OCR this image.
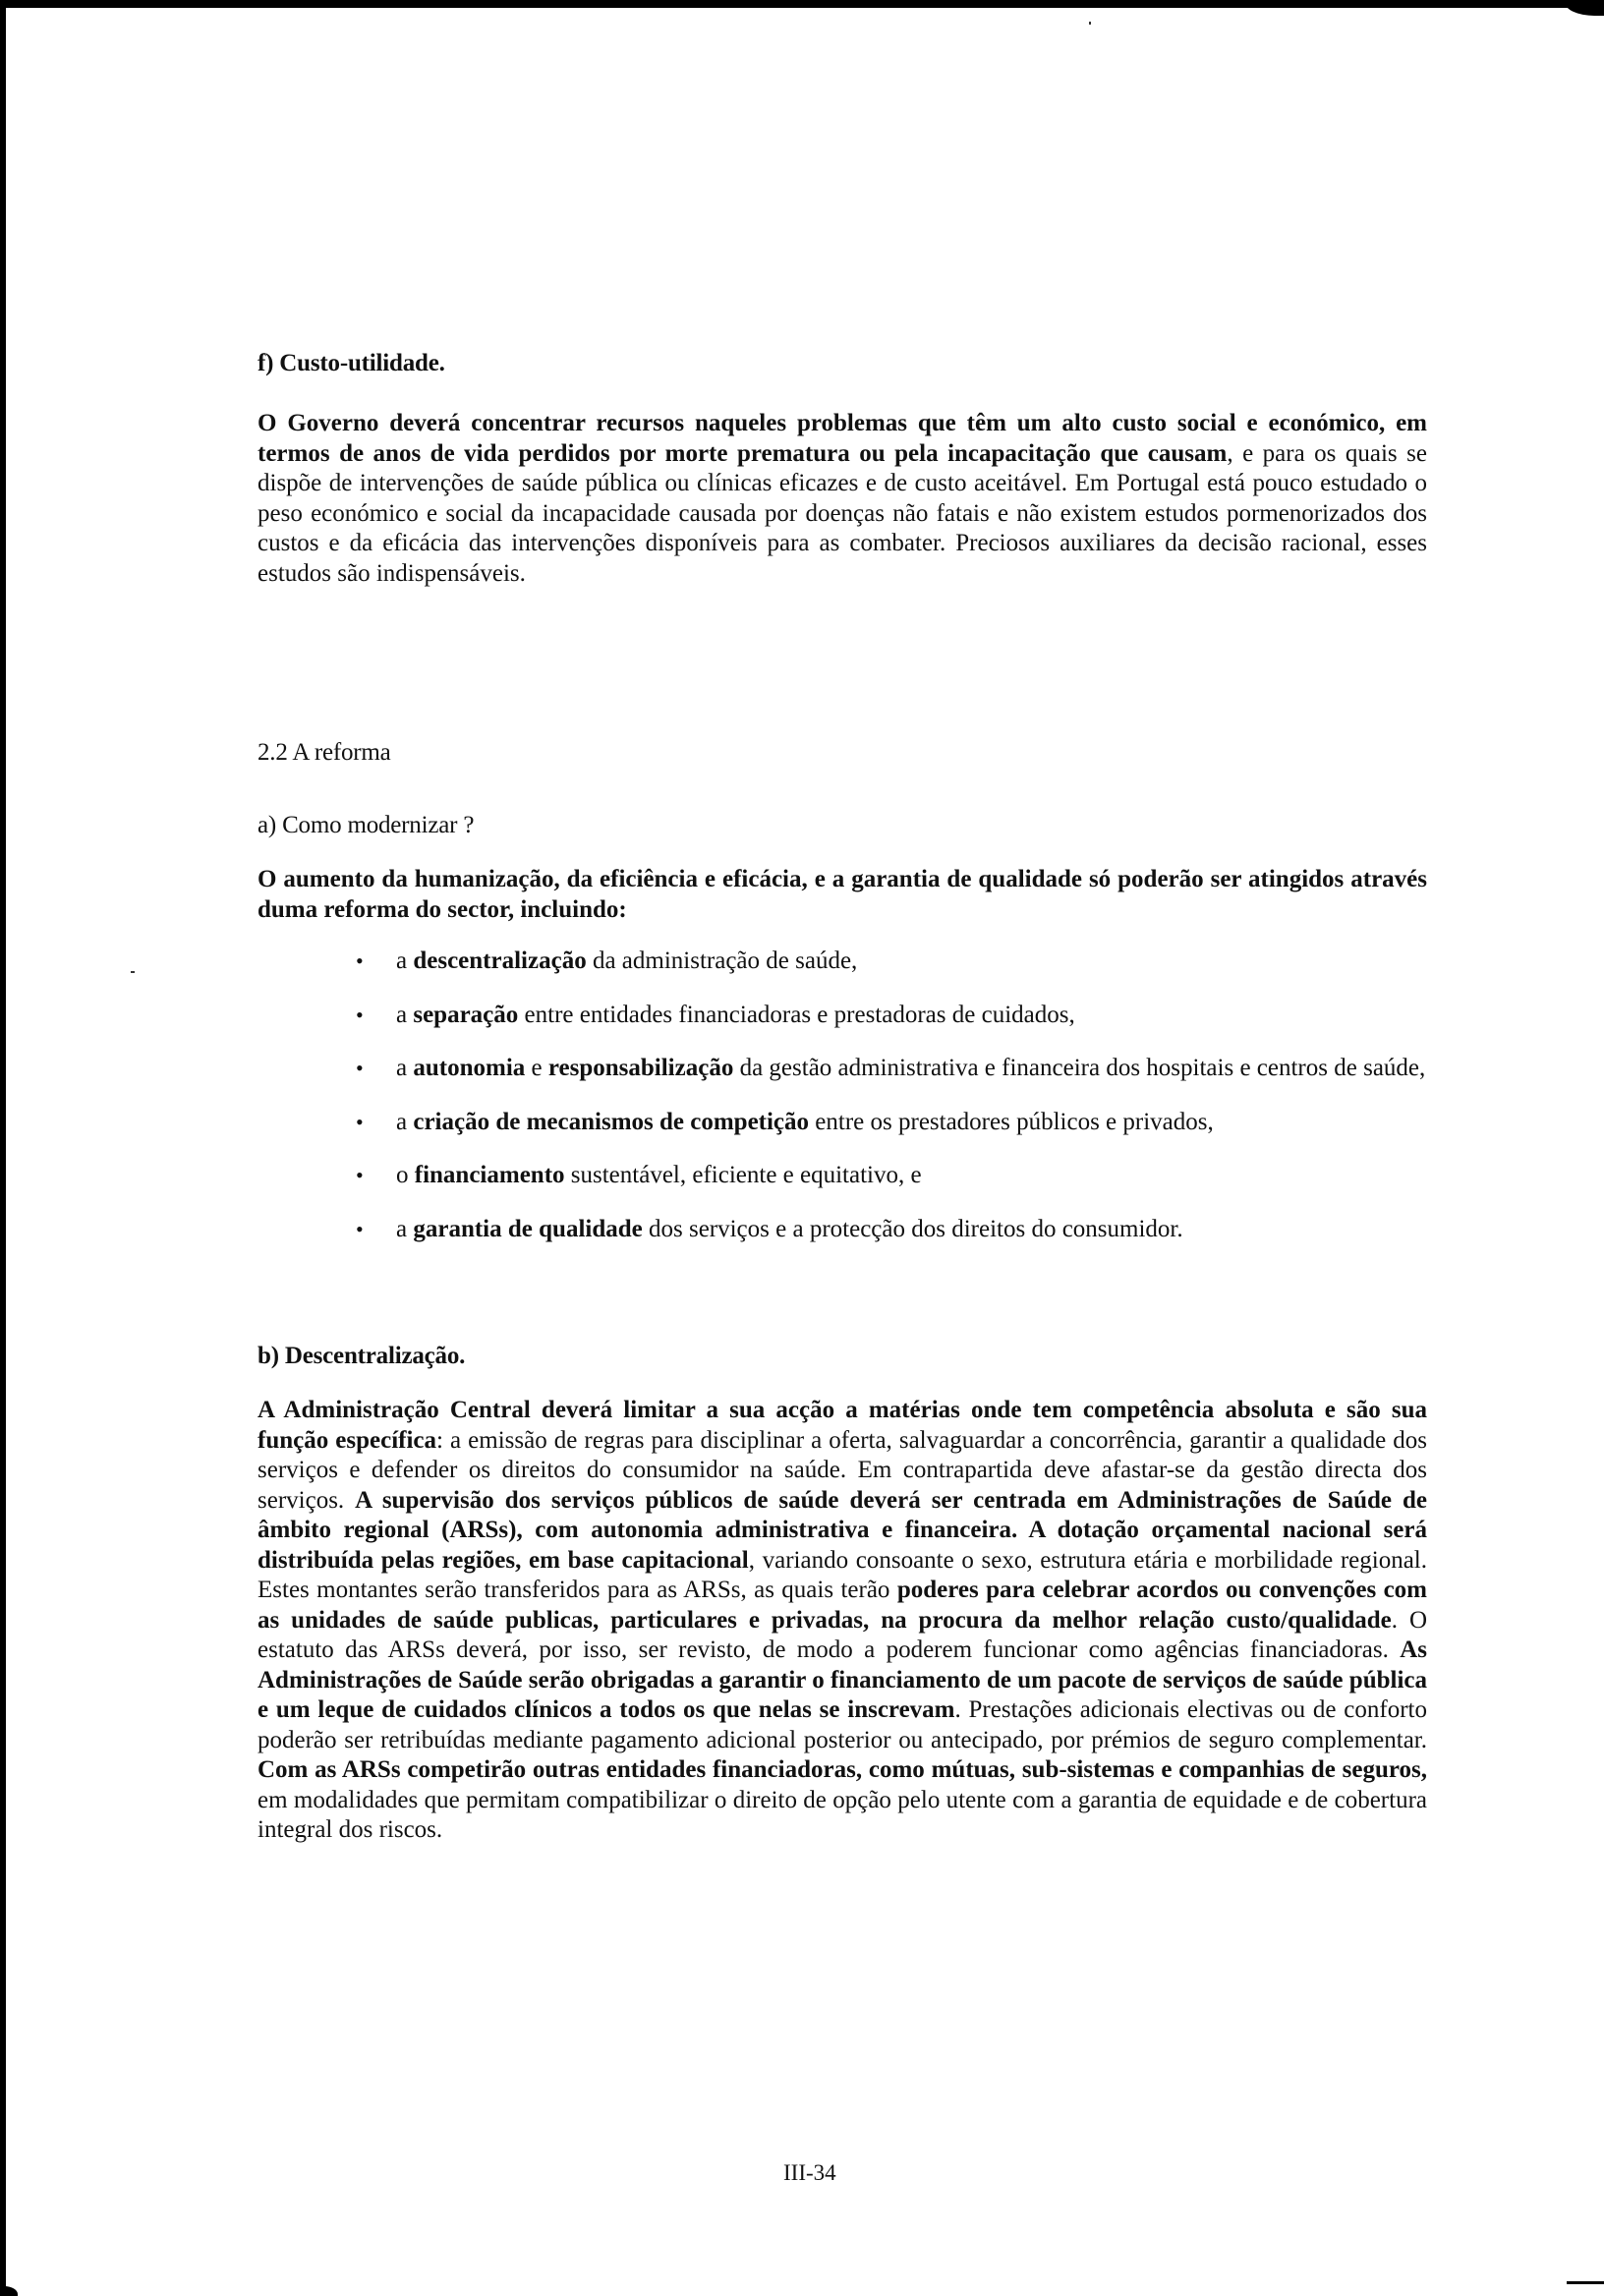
f) Custo-utilidade.

O Governo deverá concentrar recursos naqueles problemas que têm um alto custo social e económico, em termos de anos de vida perdidos por morte prematura ou pela incapacitação que causam, e para os quais se dispõe de intervenções de saúde pública ou clínicas eficazes e de custo aceitável. Em Portugal está pouco estudado o peso económico e social da incapacidade causada por doenças não fatais e não existem estudos pormenorizados dos custos e da eficácia das intervenções disponíveis para as combater. Preciosos auxiliares da decisão racional, esses estudos são indispensáveis.

2.2 A reforma
a) Como modernizar ?

O aumento da humanização, da eficiência e eficácia, e a garantia de qualidade só poderão ser atingidos através duma reforma do sector, incluindo:

• a descentralização da administração de saúde,
• a separação entre entidades financiadoras e prestadoras de cuidados,
• a autonomia e responsabilização da gestão administrativa e financeira dos hospitais e centros de saúde,
• a criação de mecanismos de competição entre os prestadores públicos e privados,
• o financiamento sustentável, eficiente e equitativo, e
• a garantia de qualidade dos serviços e a protecção dos direitos do consumidor.
b) Descentralização.

A Administração Central deverá limitar a sua acção a matérias onde tem competência absoluta e são sua função específica: a emissão de regras para disciplinar a oferta, salvaguardar a concorrência, garantir a qualidade dos serviços e defender os direitos do consumidor na saúde. Em contrapartida deve afastar-se da gestão directa dos serviços. A supervisão dos serviços públicos de saúde deverá ser centrada em Administrações de Saúde de âmbito regional (ARSs), com autonomia administrativa e financeira. A dotação orçamental nacional será distribuída pelas regiões, em base capitacional, variando consoante o sexo, estrutura etária e morbilidade regional. Estes montantes serão transferidos para as ARSs, as quais terão poderes para celebrar acordos ou convenções com as unidades de saúde publicas, particulares e privadas, na procura da melhor relação custo/qualidade. O estatuto das ARSs deverá, por isso, ser revisto, de modo a poderem funcionar como agências financiadoras. As Administrações de Saúde serão obrigadas a garantir o financiamento de um pacote de serviços de saúde pública e um leque de cuidados clínicos a todos os que nelas se inscrevam. Prestações adicionais electivas ou de conforto poderão ser retribuídas mediante pagamento adicional posterior ou antecipado, por prémios de seguro complementar. Com as ARSs competirão outras entidades financiadoras, como mútuas, sub-sistemas e companhias de seguros, em modalidades que permitam compatibilizar o direito de opção pelo utente com a garantia de equidade e de cobertura integral dos riscos.

III-34
